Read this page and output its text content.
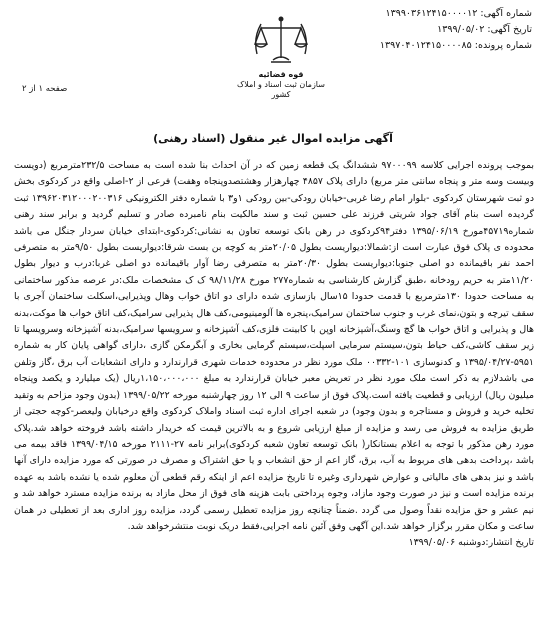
شماره آگهی: ۱۳۹۹۰۳۶۱۲۴۱۵۰۰۰۰۱۲
تاریخ آگهی: ۱۳۹۹/۰۵/۰۲
شماره پرونده: ۱۳۹۷۰۴۰۱۲۴۱۵۰۰۰۰۸۵
قوه قضائیه
سازمان ثبت اسناد و املاک کشور
صفحه ۱ از ۲
آگهی مزایده اموال غیر منقول (اسناد رهنی)

بموجب پرونده اجرایی کلاسه ۹۷۰۰۰۹۹ ششدانگ یک قطعه زمین که در آن احداث بنا شده است به مساحت ۲۳۲/۵مترمربع (دویست وبیست وسه متر و پنجاه سانتی متر مربع) دارای پلاک ۴۸۵۷ چهارهزار وهشتصدوپنجاه وهفت) فرعی از ۲-اصلی واقع در کردکوی بخش دو ثبت شهرستان کردکوی -بلوار امام رضا غربی-خیابان رودکی-بین رودکی ۱و۳ با شماره دفتر الکترونیکی ۱۳۹۶۲۰۳۱۲۰۰۰۲۰۰۳۱۶ ثبت گردیده است بنام آقای جواد شریتی فرزند علی حسین ثبت و سند مالکیت بنام نامبرده صادر و تسلیم گردید و برابر سند رهنی شماره۴۵۷۱۹مورخ ۱۳۹۵/۰۶/۱۹ دفتر۹۴کردکوی در رهن بانک توسعه تعاون به نشانی:کردکوی-ابتدای خیابان سردار جنگل می باشد محدوده ی پلاک فوق عبارت است از:شمالا:دیواریست بطول ۲۰/۰۵متر به کوچه بن بست شرقا:دیواریست بطول ۹/۵۰متر به متصرفی احمد نفر باقیمانده دو اصلی جنوبا:دیواریست بطول ۲۰/۳۰متر به متصرفی رضا آوار باقیمانده دو اصلی غربا:درب و دیوار بطول ۱۱/۲۰متر به حریم رودخانه ،طبق گزارش کارشناسی به شماره۲۷۷ مورخ ۹۸/۱۱/۲۸ ک ک مشخصات ملک:در عرصه مذکور ساختمانی به مساحت حدودا ۱۳۰مترمربع با قدمت حدودا ۱۵سال بازسازی شده دارای دو اتاق خواب وهال وپذیرایی،اسکلت ساختمان آجری با سقف تیرچه و بتون،نمای غرب و جنوب ساختمان سرامیک،پنجره ها آلومینیومی،کف هال پذیرایی سرامیک،کف اتاق خواب ها موکت،بدنه هال و پذیرایی و اتاق خواب ها گچ وسنگ،آشپزخانه اوپن با کابینت فلزی،کف آشپزخانه و سرویسها سرامیک،بدنه آشپزخانه وسرویسها تا زیر سقف کاشی،کف حیاط بتون،سیستم سرمایی اسپلت،سیستم گرمایی بخاری و آبگرمکن گازی ،دارای گواهی پایان کار به شماره ۵۹۵۱-۱۳۹۵/۰۴/۲۷ و کدنوسازی ۱۰۱-۰۰۳۳۲ ملک مورد نظر در محدوده خدمات شهری قرارندارد و دارای انشعابات آب برق ،گاز وتلفن می باشدلازم به ذکر است ملک مورد نظر در تعریض معبر خیابان قرارندارد به مبلغ ۱،۱۵۰،۰۰۰،۰۰۰ریال (یک میلیارد و یکصد وپنجاه میلیون ریال) ارزیابی و قطعیت یافته است.پلاک فوق از ساعت ۹ الی ۱۲ روز چهارشنبه مورخه ۱۳۹۹/۰۵/۲۲ (بدون وجود مزاحم به وتقید تخلیه خرید و فروش و مستاجره و بدون وجود) در شعبه اجرای اداره ثبت اسناد واملاک کردکوی واقع درخیابان ولیعصر-کوچه حجتی از طریق مزایده به فروش می رسد و مزایده از مبلغ ارزیابی شروع و به بالاترین قیمت که خریدار داشته باشد فروخته خواهد شد.پلاک مورد رهن مذکور با توجه به اعلام بستانکار( بانک توسعه تعاون شعبه کردکوی)برابر نامه ۲۷-۲۱۱۱ مورخه ۱۳۹۹/۰۴/۱۵ فاقد بیمه می باشد ،پرداخت بدهی های مربوط به آب، برق، گاز اعم از حق انشعاب و یا حق اشتراک و مصرف در صورتی که مورد مزایده دارای آنها باشد و نیز بدهی های مالیاتی و عوارض شهرداری وغیره تا تاریخ مزایده اعم از اینکه رقم قطعی آن معلوم شده یا نشده باشد به عهده برنده مزایده است و نیز در صورت وجود مازاد، وجوه پرداختی بابت هزینه های فوق از محل مازاد به برنده مزایده مسترد خواهد شد و نیم عشر و حق مزایده نقداً وصول می گردد .ضمناً چنانچه روز مزایده تعطیل رسمی گردد، مزایده روز اداری بعد از تعطیلی در همان ساعت و مکان مقرر برگزار خواهد شد.این آگهی وفق آئین نامه اجرایی،فقط دریک نوبت منتشرخواهد شد.

تاریخ انتشار:دوشنبه ۱۳۹۹/۰۵/۰۶
